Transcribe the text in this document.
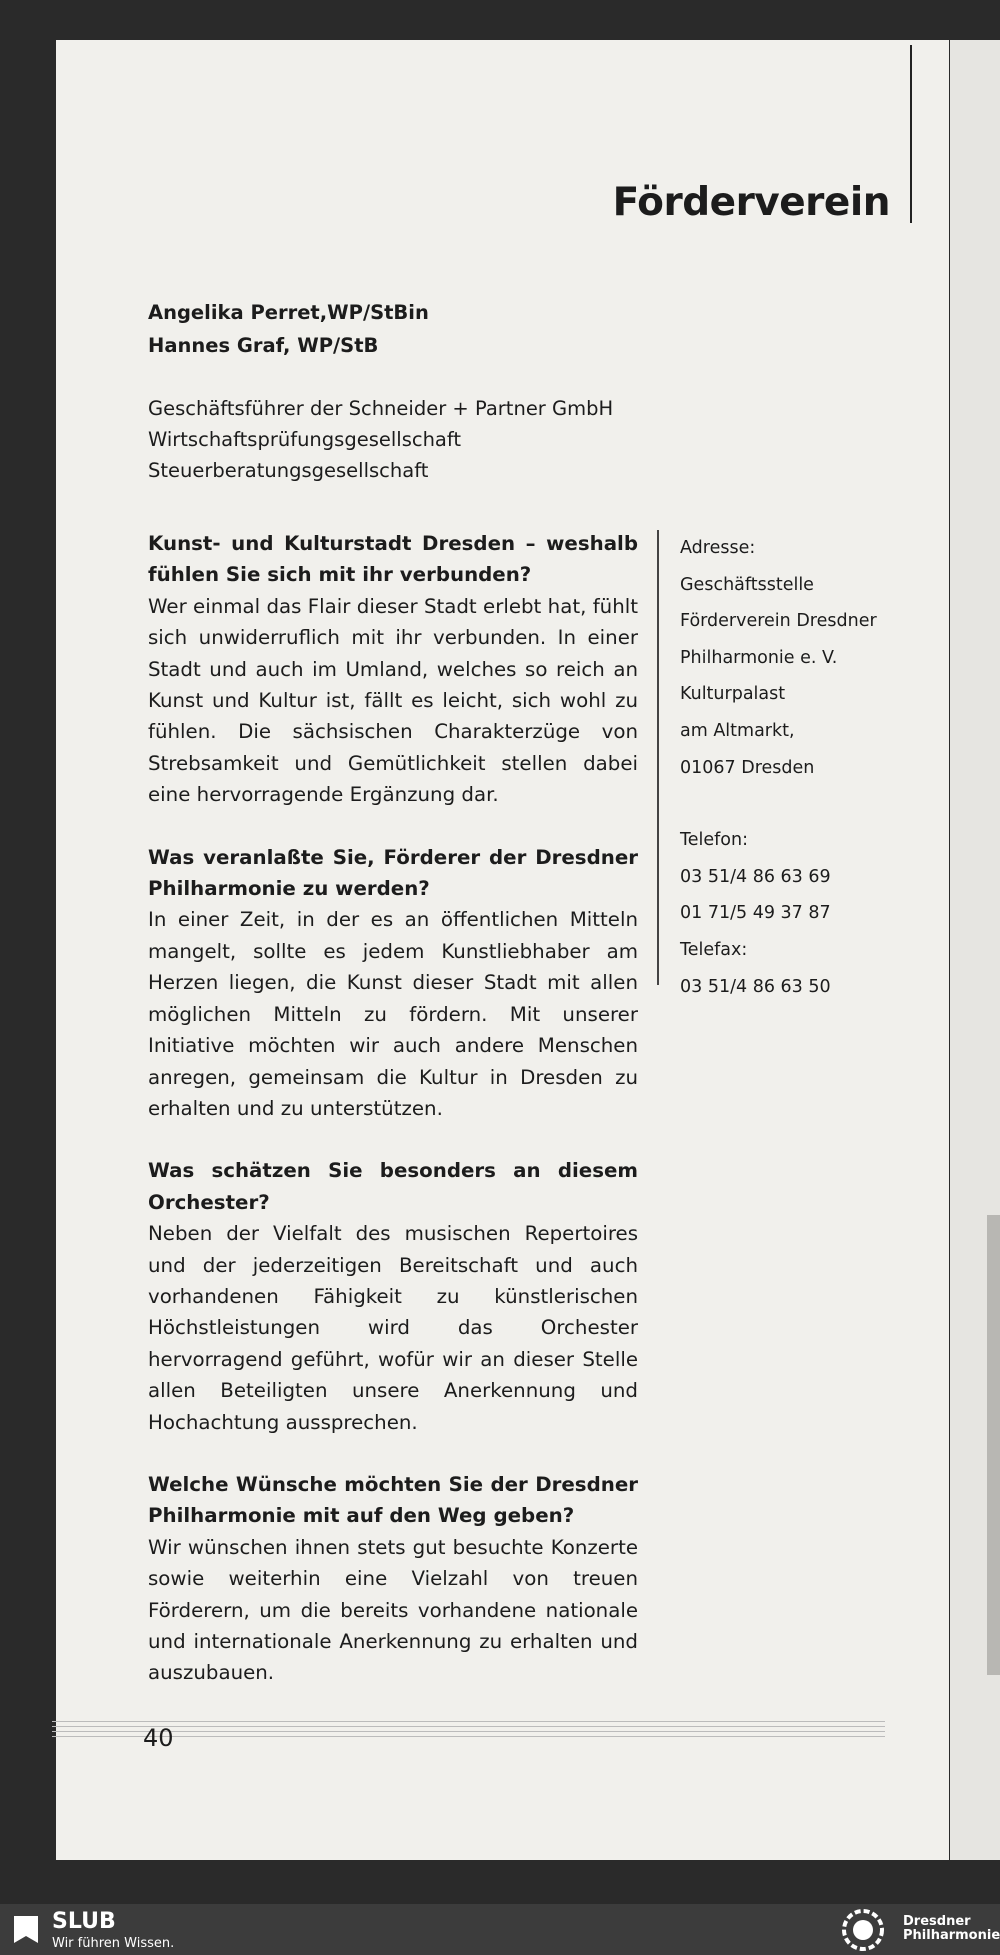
Förderverein
Angelika Perret,WP/StBin
Hannes Graf, WP/StB
Geschäftsführer der Schneider + Partner GmbH
Wirtschaftsprüfungsgesellschaft
Steuerberatungsgesellschaft
Kunst- und Kulturstadt Dresden – weshalb fühlen Sie sich mit ihr verbunden?
Wer einmal das Flair dieser Stadt erlebt hat, fühlt sich unwiderruflich mit ihr verbunden. In einer Stadt und auch im Umland, welches so reich an Kunst und Kultur ist, fällt es leicht, sich wohl zu fühlen. Die sächsischen Charakterzüge von Strebsamkeit und Gemütlichkeit stellen dabei eine hervorragende Ergänzung dar.
Was veranlaßte Sie, Förderer der Dresdner Philharmonie zu werden?
In einer Zeit, in der es an öffentlichen Mitteln mangelt, sollte es jedem Kunstliebhaber am Herzen liegen, die Kunst dieser Stadt mit allen möglichen Mitteln zu fördern. Mit unserer Initiative möchten wir auch andere Menschen anregen, gemeinsam die Kultur in Dresden zu erhalten und zu unterstützen.
Was schätzen Sie besonders an diesem Orchester?
Neben der Vielfalt des musischen Repertoires und der jederzeitigen Bereitschaft und auch vorhandenen Fähigkeit zu künstlerischen Höchstleistungen wird das Orchester hervorragend geführt, wofür wir an dieser Stelle allen Beteiligten unsere Anerkennung und Hochachtung aussprechen.
Welche Wünsche möchten Sie der Dresdner Philharmonie mit auf den Weg geben?
Wir wünschen ihnen stets gut besuchte Konzerte sowie weiterhin eine Vielzahl von treuen Förderern, um die bereits vorhandene nationale und internationale Anerkennung zu erhalten und auszubauen.
Adresse:
Geschäftsstelle
Förderverein Dresdner
Philharmonie e. V.
Kulturpalast
am Altmarkt,
01067 Dresden
Telefon:
03 51/4 86 63 69
01 71/5 49 37 87
Telefax:
03 51/4 86 63 50
40
SLUB
Wir führen Wissen.
Dresdner
Philharmonie
